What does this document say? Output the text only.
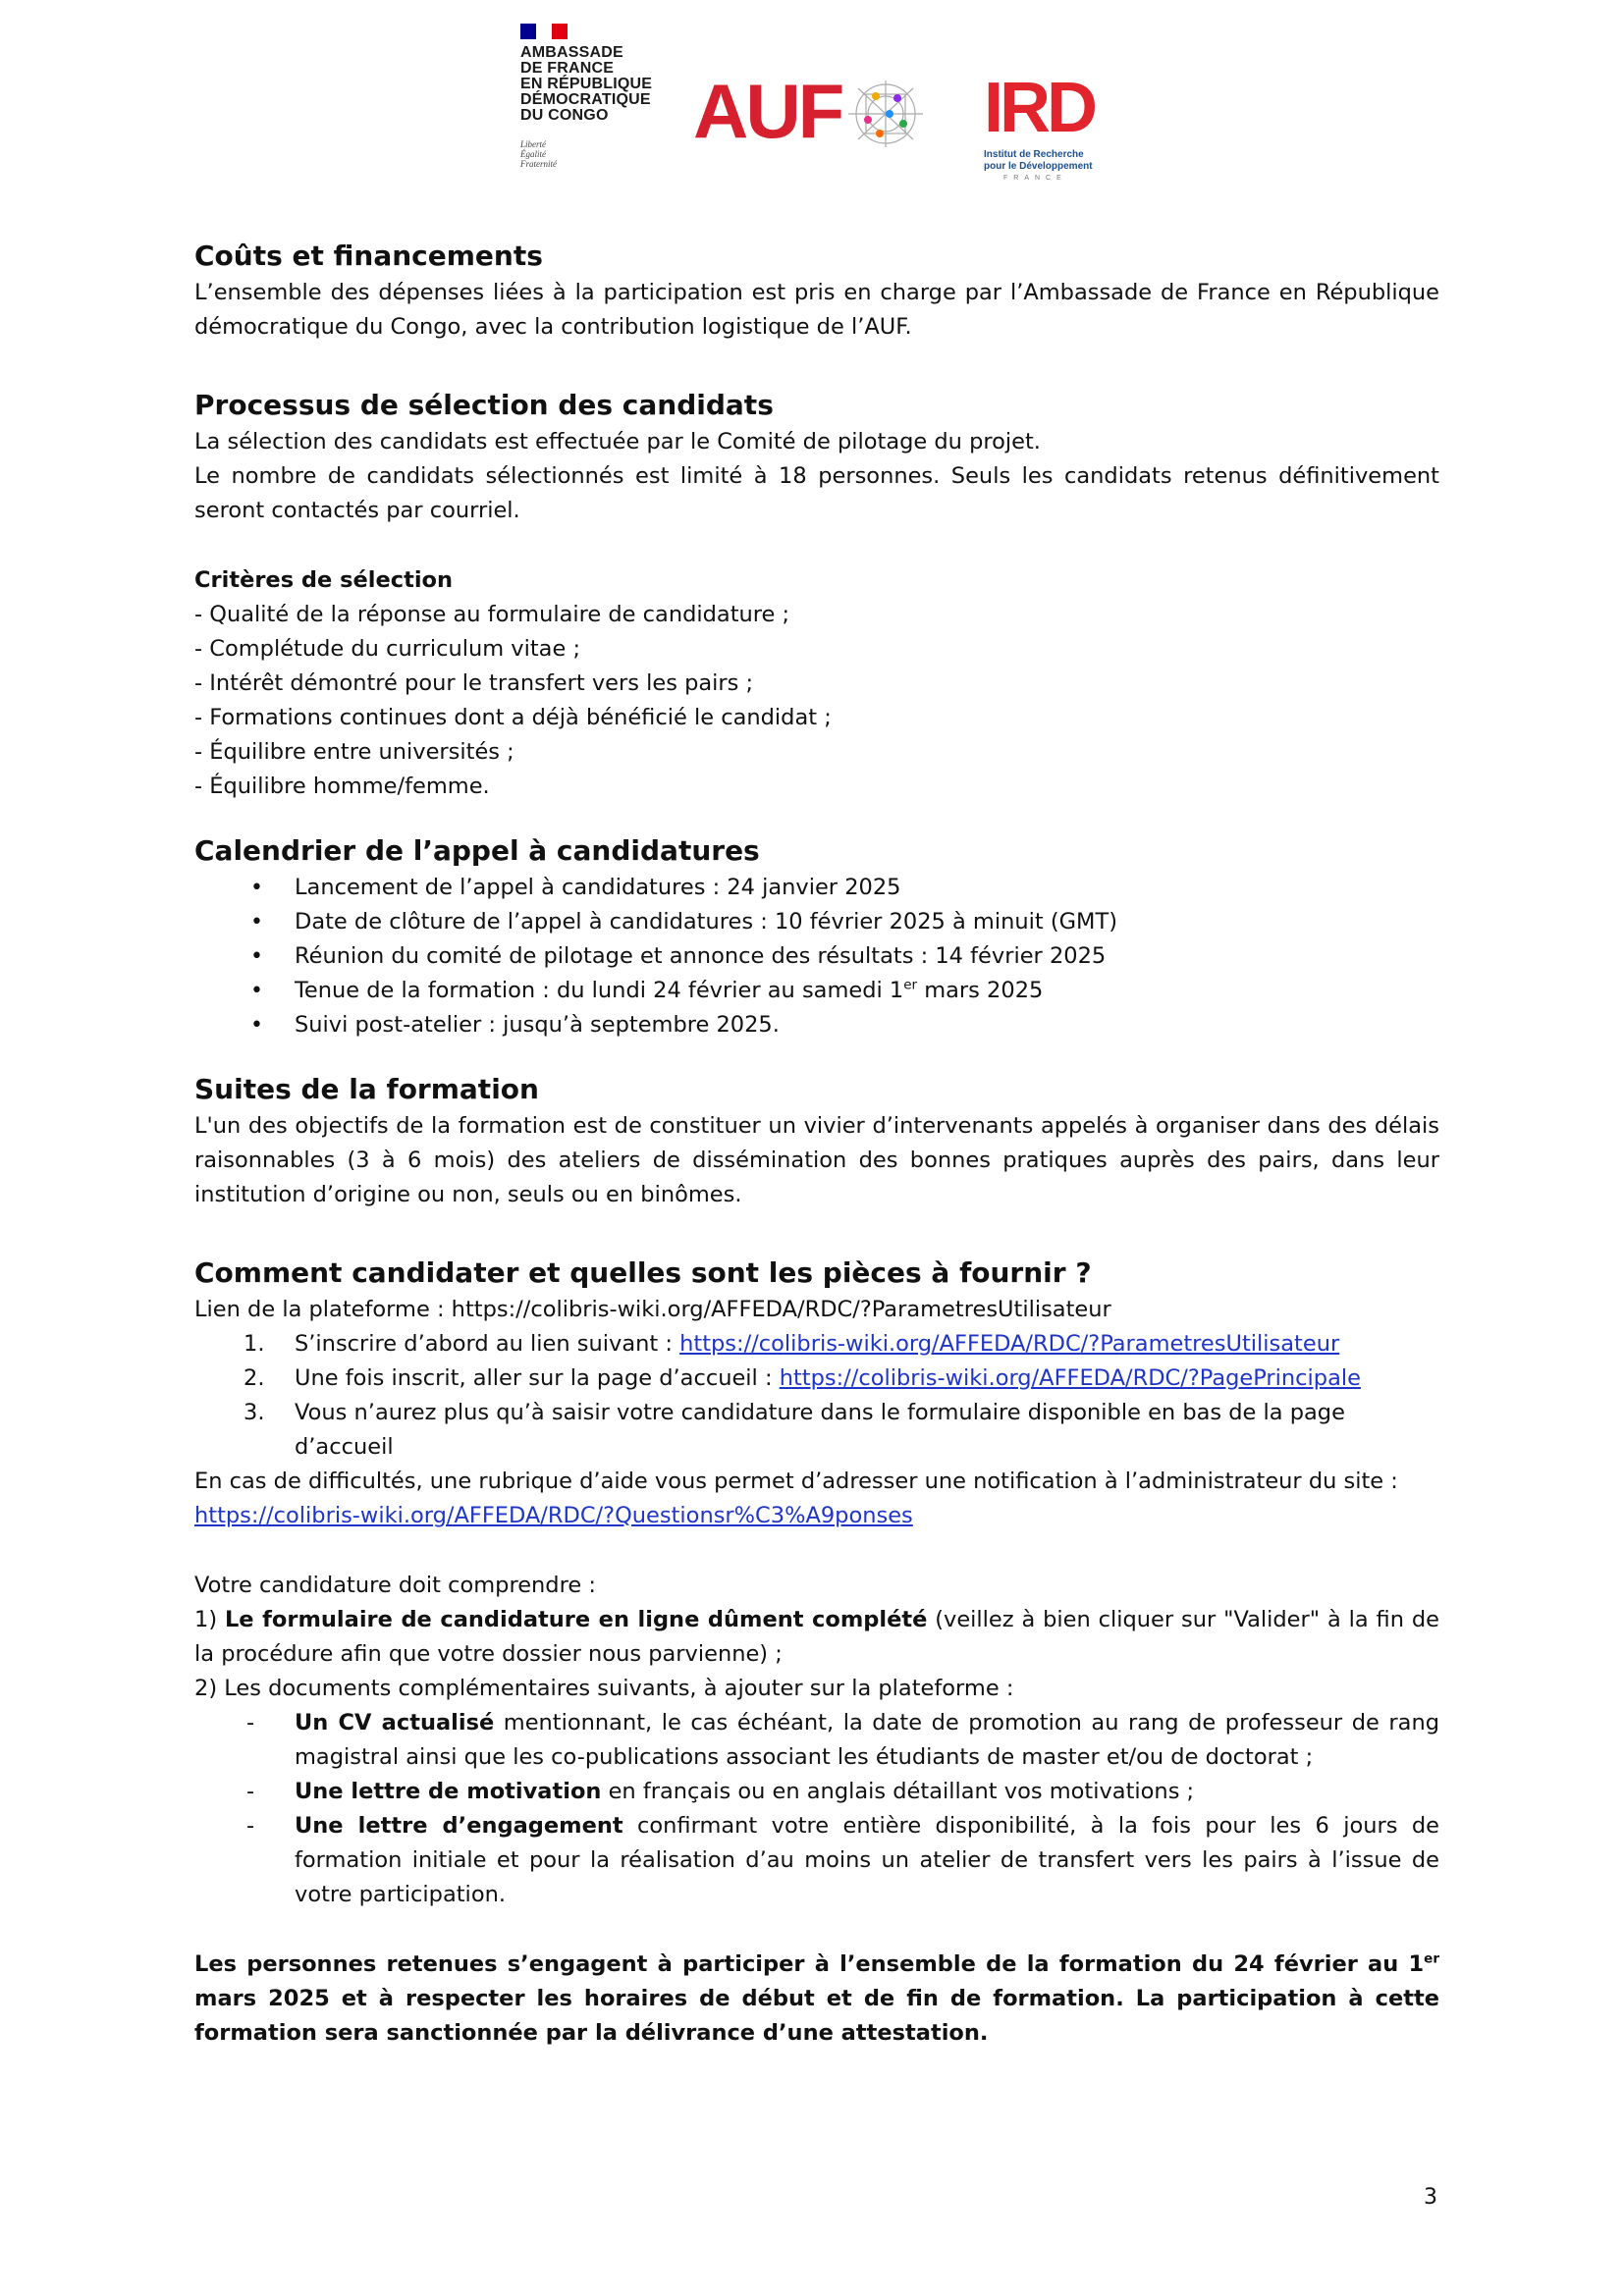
AMBASSADE
DE FRANCE
EN RÉPUBLIQUE
DÉMOCRATIQUE
DU CONGO
Liberté
Égalité
Fraternité
AUF IRD
Institut de Recherche
pour le Développement
FRANCE
Coûts et financements

L’ensemble des dépenses liées à la participation est pris en charge par l’Ambassade de France en République démocratique du Congo, avec la contribution logistique de l’AUF.

Processus de sélection des candidats

La sélection des candidats est effectuée par le Comité de pilotage du projet.

Le nombre de candidats sélectionnés est limité à 18 personnes. Seuls les candidats retenus définitivement seront contactés par courriel.

Critères de sélection

- Qualité de la réponse au formulaire de candidature ;

- Complétude du curriculum vitae ;

- Intérêt démontré pour le transfert vers les pairs ;

- Formations continues dont a déjà bénéficié le candidat ;

- Équilibre entre universités ;

- Équilibre homme/femme.

Calendrier de l’appel à candidatures
• Lancement de l’appel à candidatures : 24 janvier 2025
• Date de clôture de l’appel à candidatures : 10 février 2025 à minuit (GMT)
• Réunion du comité de pilotage et annonce des résultats : 14 février 2025
• Tenue de la formation : du lundi 24 février au samedi 1er mars 2025
• Suivi post-atelier : jusqu’à septembre 2025.
Suites de la formation

L'un des objectifs de la formation est de constituer un vivier d’intervenants appelés à organiser dans des délais raisonnables (3 à 6 mois) des ateliers de dissémination des bonnes pratiques auprès des pairs, dans leur institution d’origine ou non, seuls ou en binômes.

Comment candidater et quelles sont les pièces à fournir ?

Lien de la plateforme : https://colibris-wiki.org/AFFEDA/RDC/?ParametresUtilisateur

1. S’inscrire d’abord au lien suivant : https://colibris-wiki.org/AFFEDA/RDC/?ParametresUtilisateur
2. Une fois inscrit, aller sur la page d’accueil : https://colibris-wiki.org/AFFEDA/RDC/?PagePrincipale
3. Vous n’aurez plus qu’à saisir votre candidature dans le formulaire disponible en bas de la page d’accueil

En cas de difficultés, une rubrique d’aide vous permet d’adresser une notification à l’administrateur du site :

https://colibris-wiki.org/AFFEDA/RDC/?Questionsr%C3%A9ponses

Votre candidature doit comprendre :

1) Le formulaire de candidature en ligne dûment complété (veillez à bien cliquer sur "Valider" à la fin de la procédure afin que votre dossier nous parvienne) ;

2) Les documents complémentaires suivants, à ajouter sur la plateforme :

- Un CV actualisé mentionnant, le cas échéant, la date de promotion au rang de professeur de rang magistral ainsi que les co-publications associant les étudiants de master et/ou de doctorat ;
- Une lettre de motivation en français ou en anglais détaillant vos motivations ;
- Une lettre d’engagement confirmant votre entière disponibilité, à la fois pour les 6 jours de formation initiale et pour la réalisation d’au moins un atelier de transfert vers les pairs à l’issue de votre participation.

Les personnes retenues s’engagent à participer à l’ensemble de la formation du 24 février au 1er mars 2025 et à respecter les horaires de début et de fin de formation. La participation à cette formation sera sanctionnée par la délivrance d’une attestation.

3
